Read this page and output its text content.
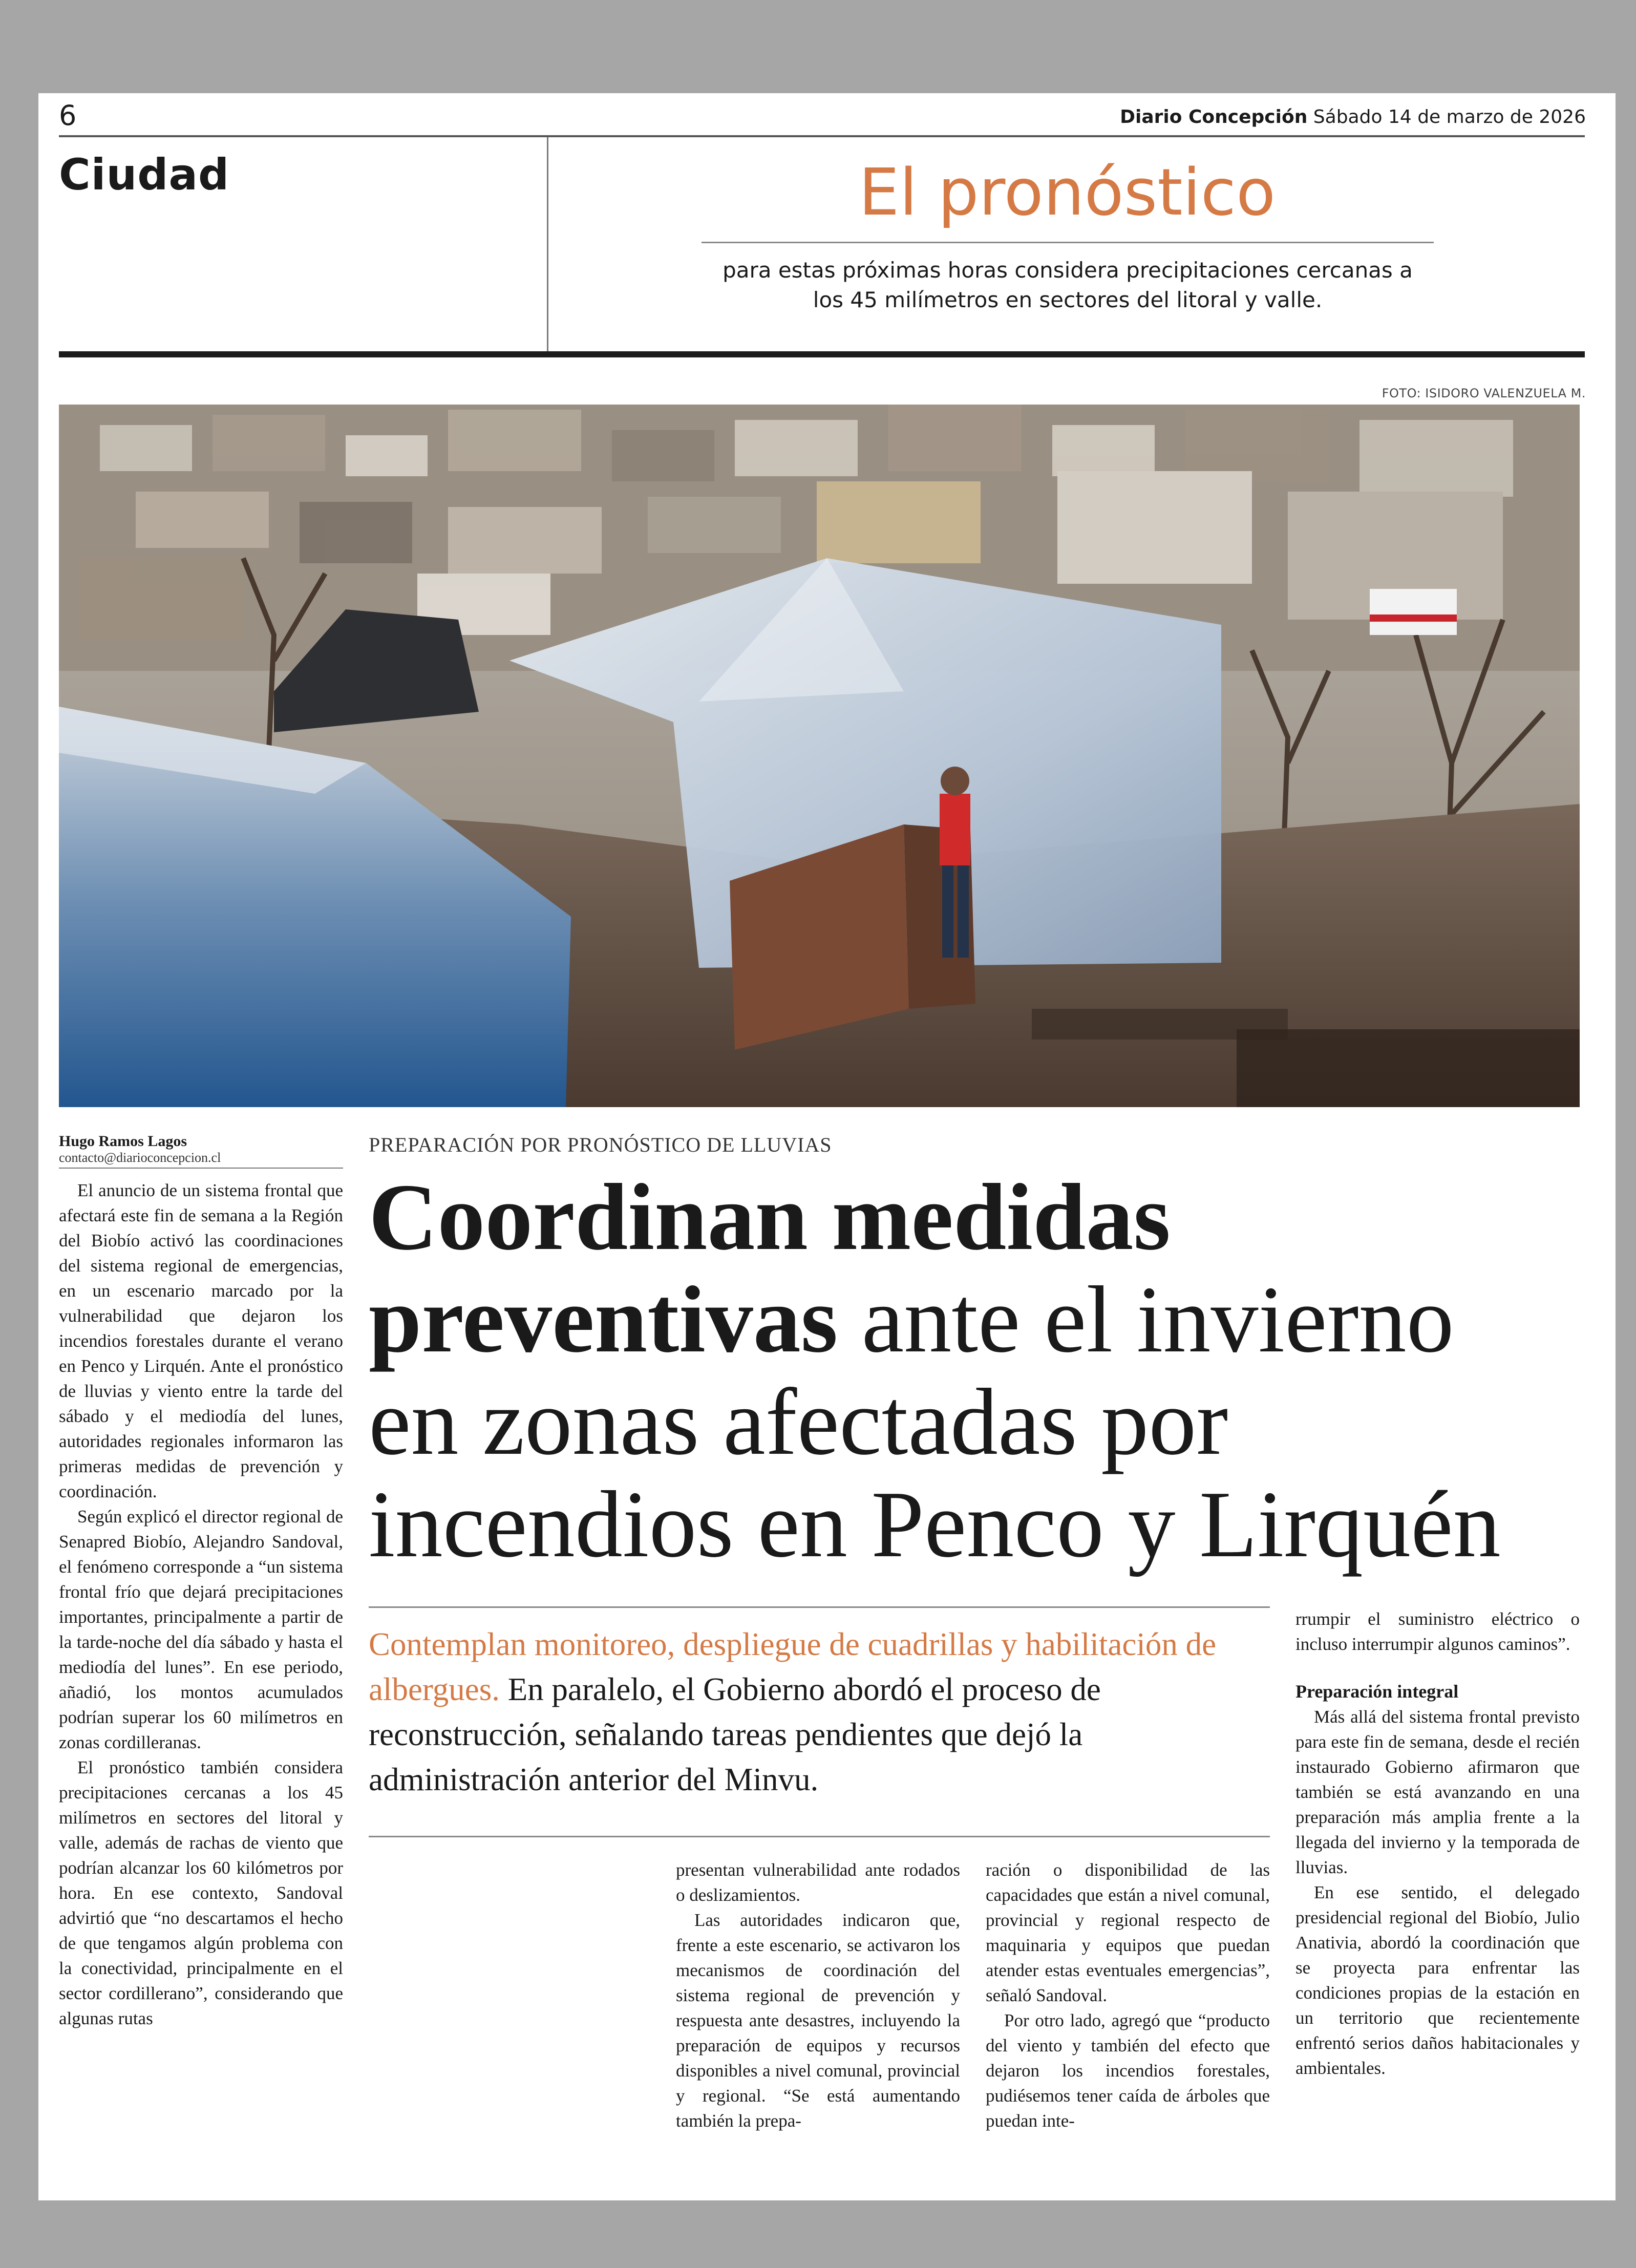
6	Diario Concepción Sábado 14 de marzo de 2026
Ciudad	El pronóstico
para estas próximas horas considera precipitaciones cercanas a los 45 milímetros en sectores del litoral y valle.
FOTO: ISIDORO VALENZUELA M.
Hugo Ramos Lagos
contacto@diarioconcepcion.cl

El anuncio de un sistema frontal que afectará este fin de semana a la Región del Biobío activó las coordinaciones del sistema regional de emergencias, en un escenario marcado por la vulnerabilidad que dejaron los incendios forestales durante el verano en Penco y Lirquén. Ante el pronóstico de lluvias y viento entre la tarde del sábado y el mediodía del lunes, autoridades regionales informaron las primeras medidas de prevención y coordinación.

Según explicó el director regional de Senapred Biobío, Alejandro Sandoval, el fenómeno corresponde a “un sistema frontal frío que dejará precipitaciones importantes, principalmente a partir de la tarde-noche del día sábado y hasta el mediodía del lunes”. En ese periodo, añadió, los montos acumulados podrían superar los 60 milímetros en zonas cordilleranas.

El pronóstico también considera precipitaciones cercanas a los 45 milímetros en sectores del litoral y valle, además de rachas de viento que podrían alcanzar los 60 kilómetros por hora. En ese contexto, Sandoval advirtió que “no descartamos el hecho de que tengamos algún problema con la conectividad, principalmente en el sector cordillerano”, considerando que algunas rutas

PREPARACIÓN POR PRONÓSTICO DE LLUVIAS
Coordinan medidas preventivas ante el invierno en zonas afectadas por incendios en Penco y Lirquén
Contemplan monitoreo, despliegue de cuadrillas y habilitación de albergues. En paralelo, el Gobierno abordó el proceso de reconstrucción, señalando tareas pendientes que dejó la administración anterior del Minvu.

presentan vulnerabilidad ante rodados o deslizamientos.

Las autoridades indicaron que, frente a este escenario, se activaron los mecanismos de coordinación del sistema regional de prevención y respuesta ante desastres, incluyendo la preparación de equipos y recursos disponibles a nivel comunal, provincial y regional. “Se está aumentando también la prepa-

ración o disponibilidad de las capacidades que están a nivel comunal, provincial y regional respecto de maquinaria y equipos que puedan atender estas eventuales emergencias”, señaló Sandoval.

Por otro lado, agregó que “producto del viento y también del efecto que dejaron los incendios forestales, pudiésemos tener caída de árboles que puedan inte-

rrumpir el suministro eléctrico o incluso interrumpir algunos caminos”.

Preparación integral

Más allá del sistema frontal previsto para este fin de semana, desde el recién instaurado Gobierno afirmaron que también se está avanzando en una preparación más amplia frente a la llegada del invierno y la temporada de lluvias.

En ese sentido, el delegado presidencial regional del Biobío, Julio Anativia, abordó la coordinación que se proyecta para enfrentar las condiciones propias de la estación en un territorio que recientemente enfrentó serios daños habitacionales y ambientales.
